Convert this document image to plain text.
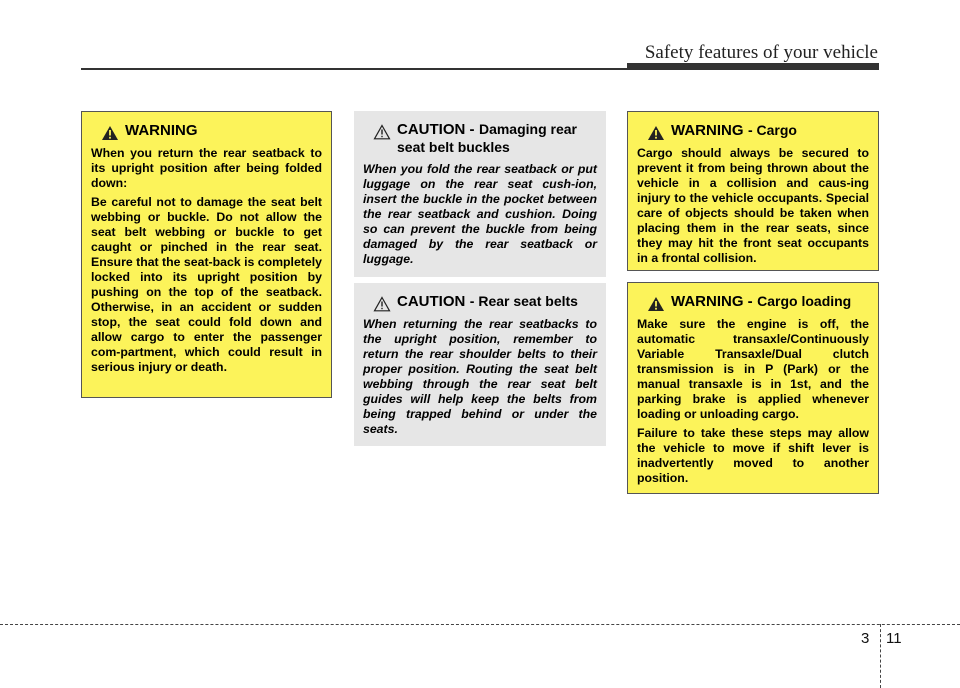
Safety features of your vehicle
WARNING

When you return the rear seatback to its upright position after being folded down:

Be careful not to damage the seat belt webbing or buckle. Do not allow the seat belt webbing or buckle to get caught or pinched in the rear seat. Ensure that the seat-back is completely locked into its upright position by pushing on the top of the seatback. Otherwise, in an accident or sudden stop, the seat could fold down and allow cargo to enter the passenger com-partment, which could result in serious injury or death.

CAUTION - Damaging rear seat belt buckles

When you fold the rear seatback or put luggage on the rear seat cush-ion, insert the buckle in the pocket between the rear seatback and cushion. Doing so can prevent the buckle from being damaged by the rear seatback or luggage.

CAUTION - Rear seat belts

When returning the rear seatbacks to the upright position, remember to return the rear shoulder belts to their proper position. Routing the seat belt webbing through the rear seat belt guides will help keep the belts from being trapped behind or under the seats.

WARNING - Cargo

Cargo should always be secured to prevent it from being thrown about the vehicle in a collision and caus-ing injury to the vehicle occupants. Special care of objects should be taken when placing them in the rear seats, since they may hit the front seat occupants in a frontal collision.

WARNING - Cargo loading

Make sure the engine is off, the automatic transaxle/Continuously Variable Transaxle/Dual clutch transmission is in P (Park) or the manual transaxle is in 1st, and the parking brake is applied whenever loading or unloading cargo.

Failure to take these steps may allow the vehicle to move if shift lever is inadvertently moved to another position.

3 11
